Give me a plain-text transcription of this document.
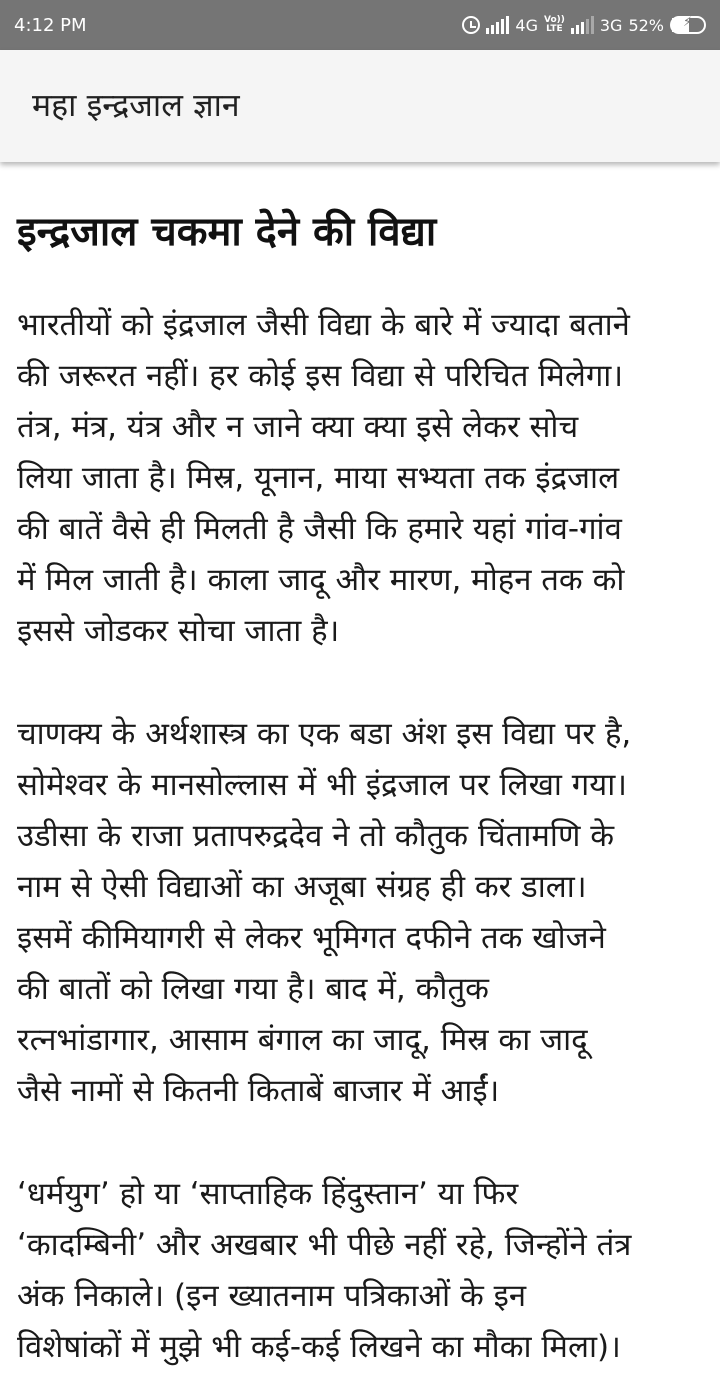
4:12 PM	4G Vo))
LTE 3G 52%
⚡
महा इन्द्रजाल ज्ञान
इन्द्रजाल चकमा देने की विद्या

भारतीयों को इंद्रजाल जैसी विद्या के बारे में ज्यादा बताने
की जरूरत नहीं। हर कोई इस विद्या से परिचित मिलेगा।
तंत्र, मंत्र, यंत्र और न जाने क्या क्या इसे लेकर सोच
लिया जाता है। मिस्र, यूनान, माया सभ्यता तक इंद्रजाल
की बातें वैसे ही मिलती है जैसी कि हमारे यहां गांव-गांव
में मिल जाती है। काला जादू और मारण, मोहन तक को
इससे जोडकर सोचा जाता है।

चाणक्य के अर्थशास्त्र का एक बडा अंश इस विद्या पर है,
सोमेश्वर के मानसोल्लास में भी इंद्रजाल पर लिखा गया।
उडीसा के राजा प्रतापरुद्रदेव ने तो कौतुक चिंतामणि के
नाम से ऐसी विद्याओं का अजूबा संग्रह ही कर डाला।
इसमें कीमियागरी से लेकर भूमिगत दफीने तक खोजने
की बातों को लिखा गया है। बाद में, कौतुक
रत्नभांडागार, आसाम बंगाल का जादू, मिस्र का जादू
जैसे नामों से कितनी किताबें बाजार में आईं।

‘धर्मयुग’ हो या ‘साप्ताहिक हिंदुस्तान’ या फिर
‘कादम्बिनी’ और अखबार भी पीछे नहीं रहे, जिन्होंने तंत्र
अंक निकाले। (इन ख्यातनाम पत्रिकाओं के इन
विशेषांकों में मुझे भी कई-कई लिखने का मौका मिला)।
